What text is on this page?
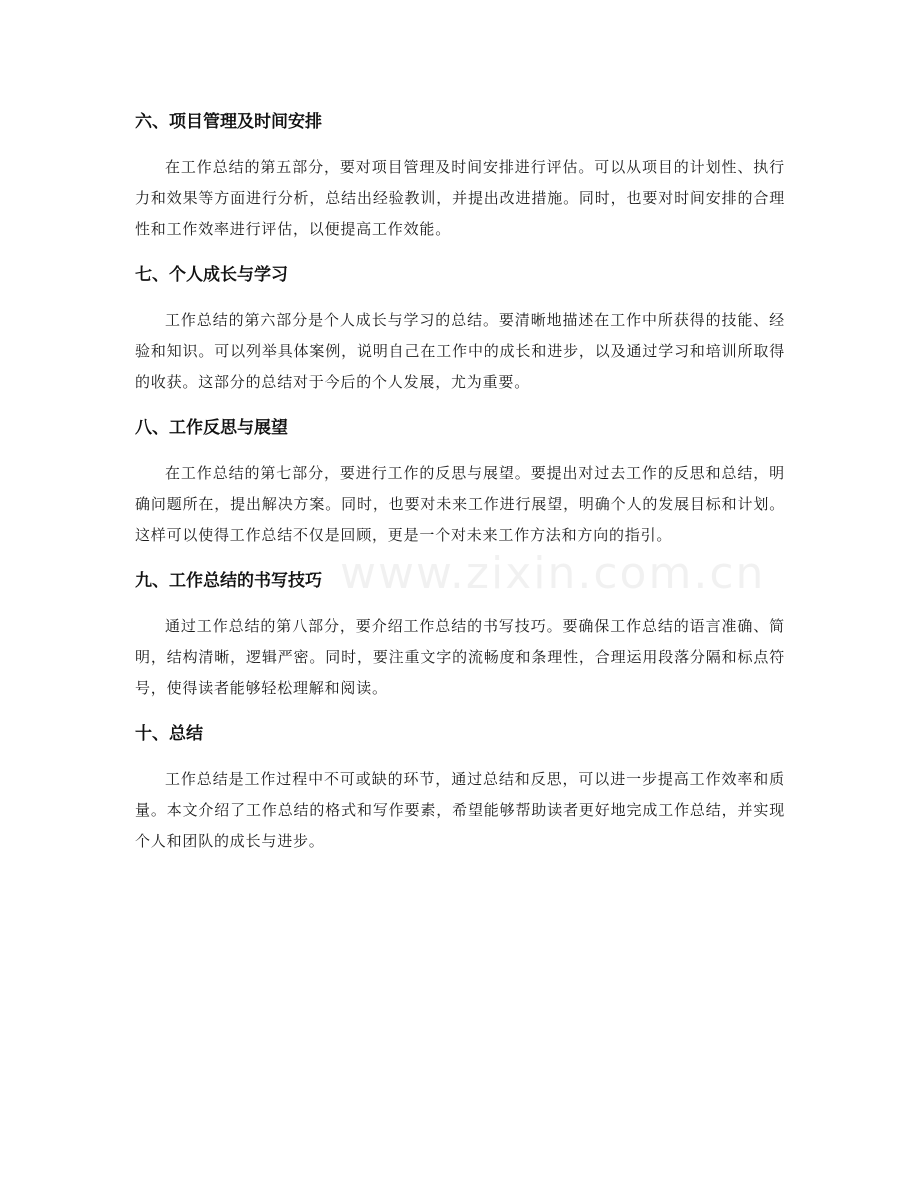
六、项目管理及时间安排

在工作总结的第五部分，要对项目管理及时间安排进行评估。可以从项目的计划性、执行力和效果等方面进行分析，总结出经验教训，并提出改进措施。同时，也要对时间安排的合理性和工作效率进行评估，以便提高工作效能。

七、个人成长与学习

工作总结的第六部分是个人成长与学习的总结。要清晰地描述在工作中所获得的技能、经验和知识。可以列举具体案例，说明自己在工作中的成长和进步，以及通过学习和培训所取得的收获。这部分的总结对于今后的个人发展，尤为重要。

八、工作反思与展望

在工作总结的第七部分，要进行工作的反思与展望。要提出对过去工作的反思和总结，明确问题所在，提出解决方案。同时，也要对未来工作进行展望，明确个人的发展目标和计划。这样可以使得工作总结不仅是回顾，更是一个对未来工作方法和方向的指引。

九、工作总结的书写技巧

通过工作总结的第八部分，要介绍工作总结的书写技巧。要确保工作总结的语言准确、简明，结构清晰，逻辑严密。同时，要注重文字的流畅度和条理性，合理运用段落分隔和标点符号，使得读者能够轻松理解和阅读。

十、总结

工作总结是工作过程中不可或缺的环节，通过总结和反思，可以进一步提高工作效率和质量。本文介绍了工作总结的格式和写作要素，希望能够帮助读者更好地完成工作总结，并实现个人和团队的成长与进步。

www.zixin.com.cn
